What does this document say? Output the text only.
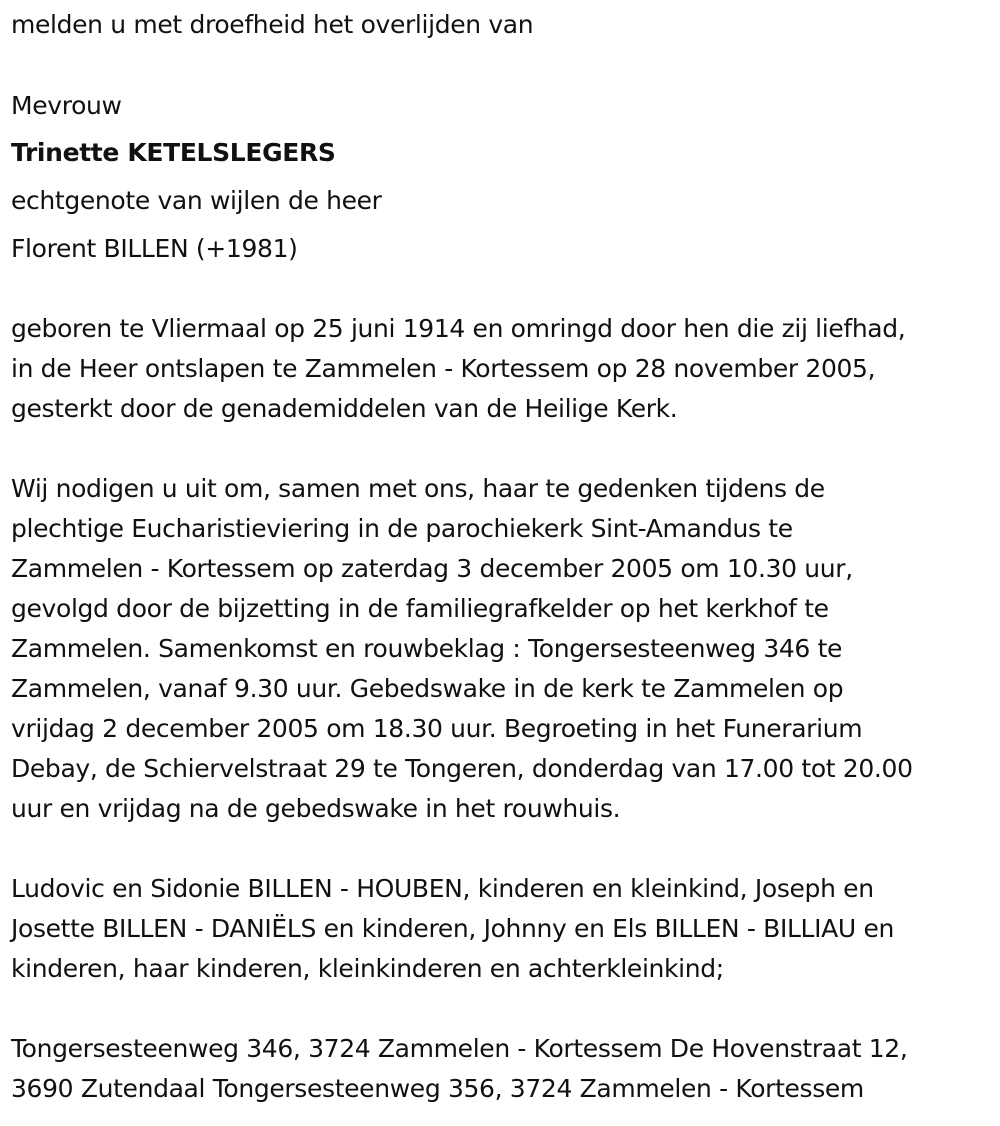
melden u met droefheid het overlijden van
Mevrouw
Trinette KETELSLEGERS
echtgenote van wijlen de heer
Florent BILLEN (+1981)
geboren te Vliermaal op 25 juni 1914 en omringd door hen die zij liefhad,
in de Heer ontslapen te Zammelen - Kortessem op 28 november 2005,
gesterkt door de genademiddelen van de Heilige Kerk.
Wij nodigen u uit om, samen met ons, haar te gedenken tijdens de
plechtige Eucharistieviering in de parochiekerk Sint-Amandus te
Zammelen - Kortessem op zaterdag 3 december 2005 om 10.30 uur,
gevolgd door de bijzetting in de familiegrafkelder op het kerkhof te
Zammelen. Samenkomst en rouwbeklag : Tongersesteenweg 346 te
Zammelen, vanaf 9.30 uur. Gebedswake in de kerk te Zammelen op
vrijdag 2 december 2005 om 18.30 uur. Begroeting in het Funerarium
Debay, de Schiervelstraat 29 te Tongeren, donderdag van 17.00 tot 20.00
uur en vrijdag na de gebedswake in het rouwhuis.
Ludovic en Sidonie BILLEN - HOUBEN, kinderen en kleinkind, Joseph en
Josette BILLEN - DANIËLS en kinderen, Johnny en Els BILLEN - BILLIAU en
kinderen, haar kinderen, kleinkinderen en achterkleinkind;
Tongersesteenweg 346, 3724 Zammelen - Kortessem De Hovenstraat 12,
3690 Zutendaal Tongersesteenweg 356, 3724 Zammelen - Kortessem
